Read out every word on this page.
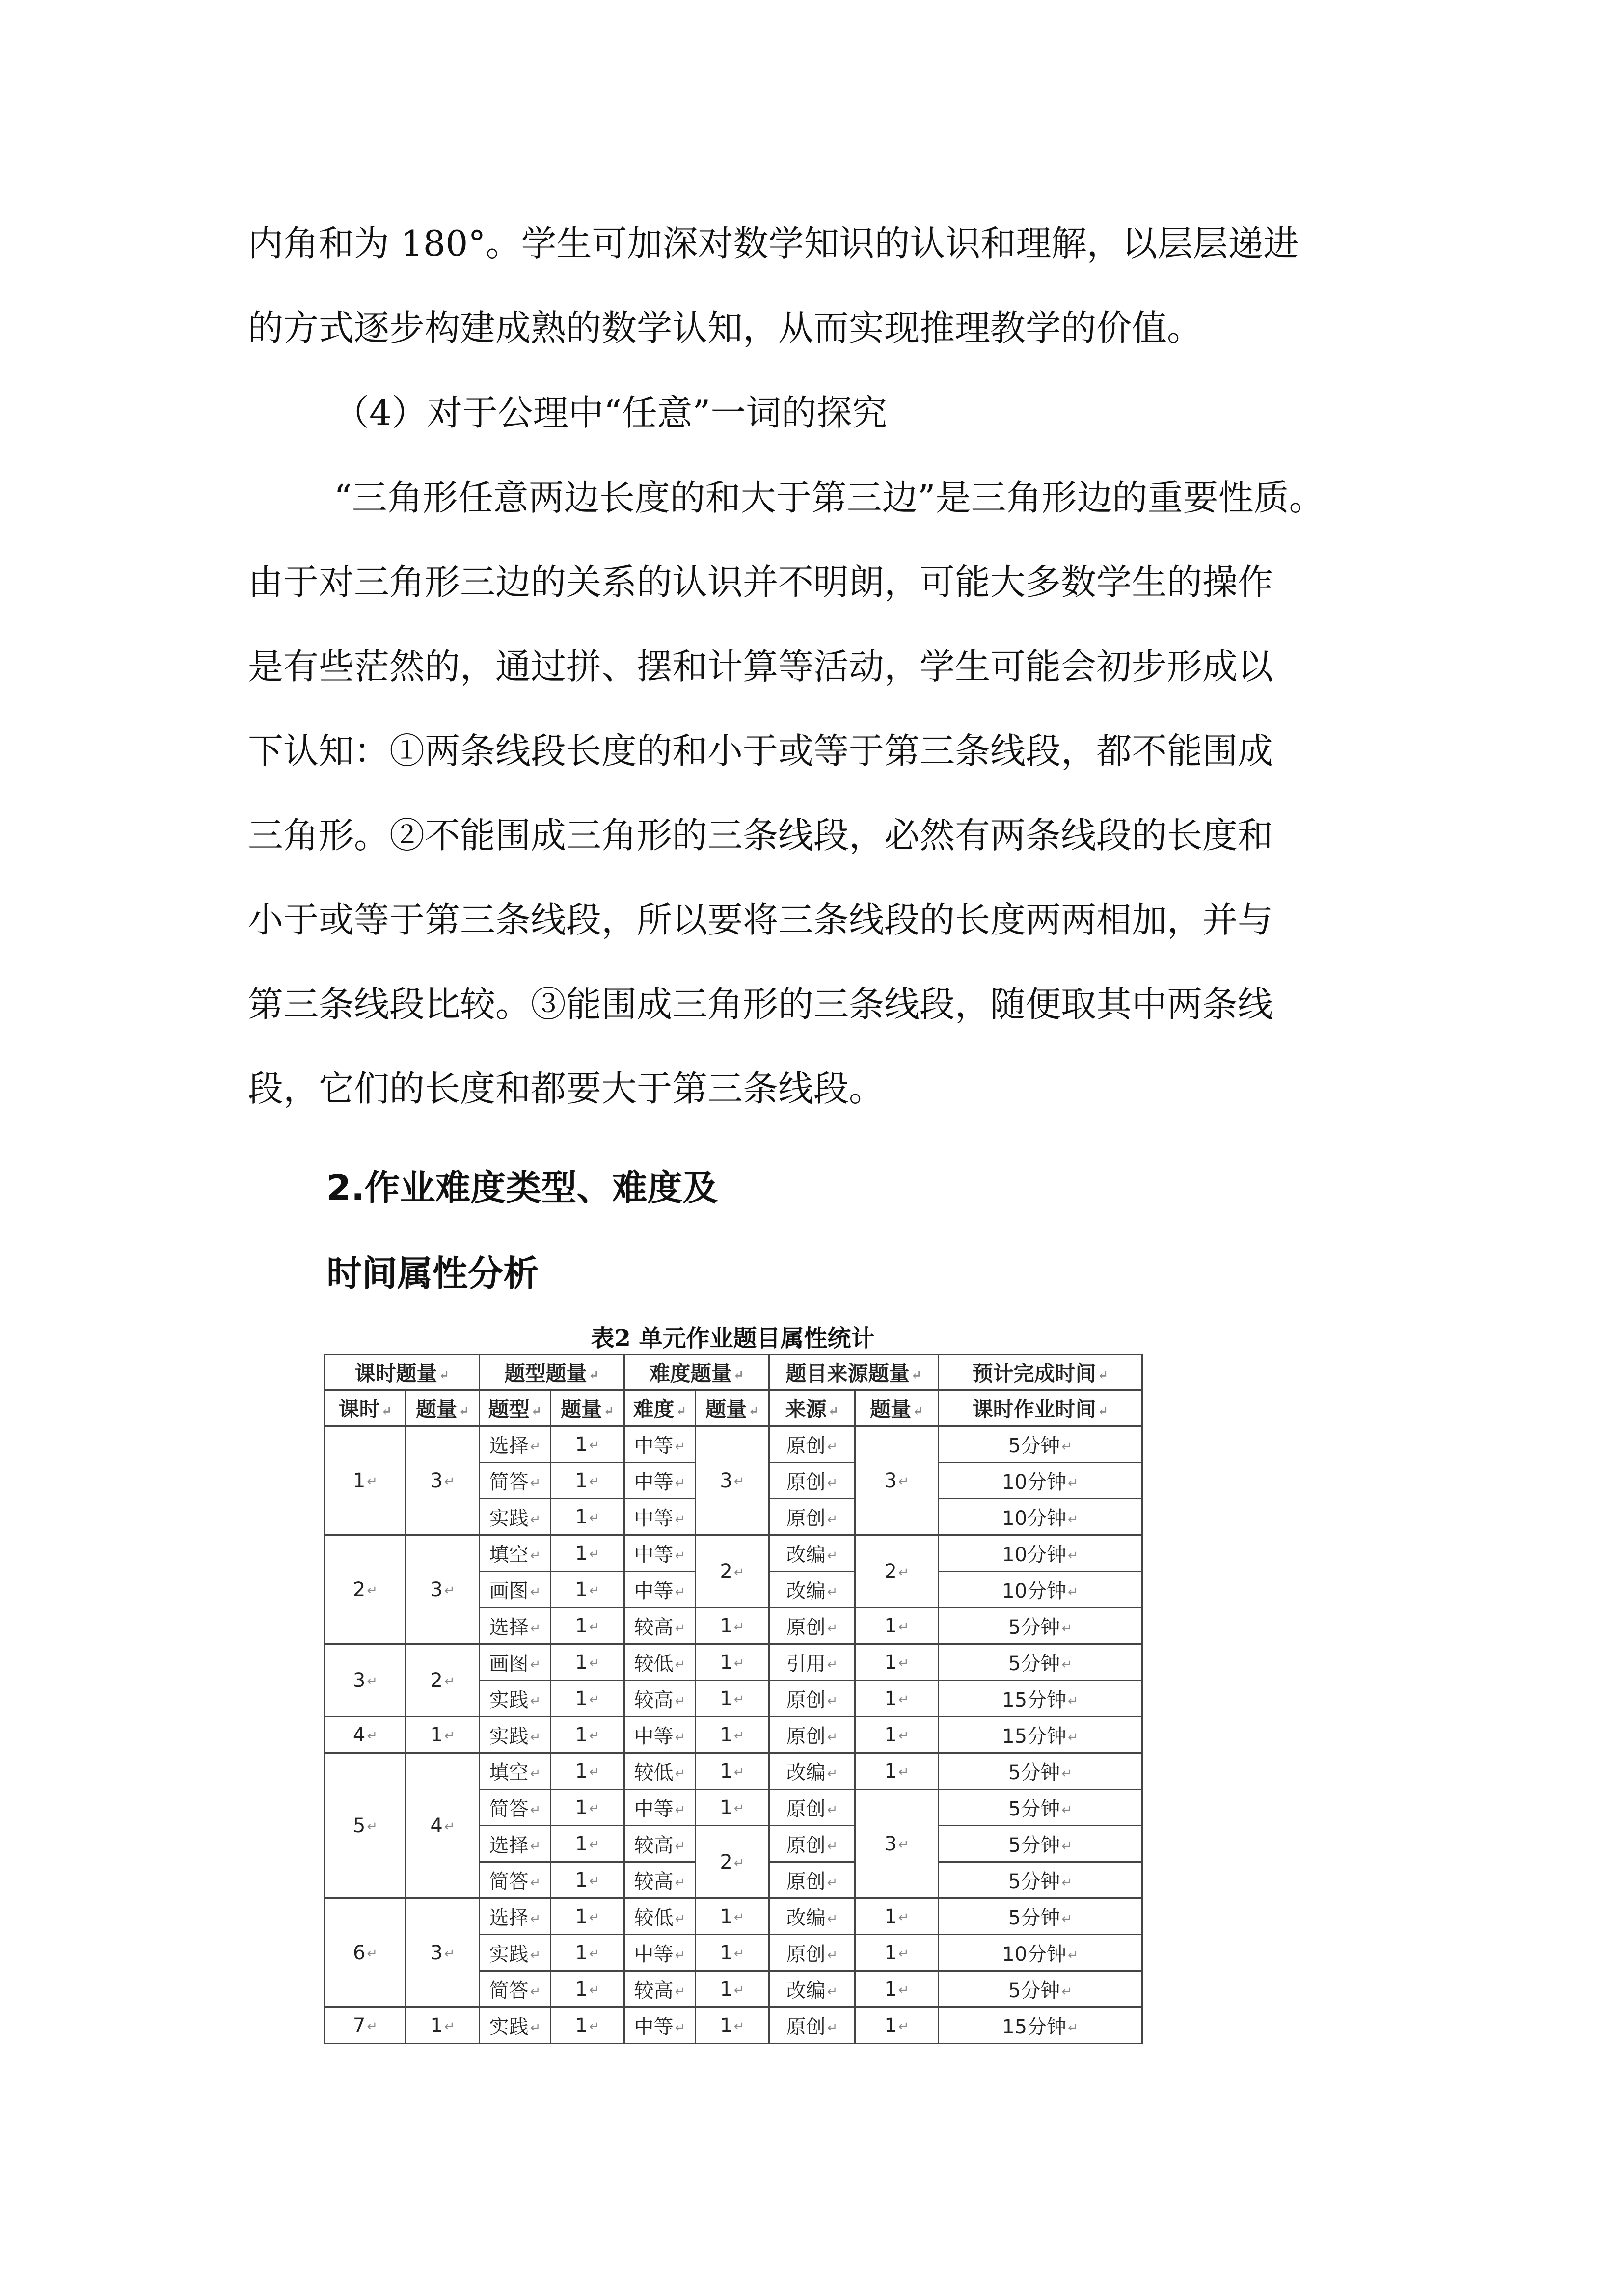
内角和为 180°。学生可加深对数学知识的认识和理解，以层层递进
的方式逐步构建成熟的数学认知，从而实现推理教学的价值。

（4）对于公理中“任意”一词的探究

“三角形任意两边长度的和大于第三边”是三角形边的重要性质。
由于对三角形三边的关系的认识并不明朗，可能大多数学生的操作
是有些茫然的，通过拼、摆和计算等活动，学生可能会初步形成以
下认知：①两条线段长度的和小于或等于第三条线段，都不能围成
三角形。②不能围成三角形的三条线段，必然有两条线段的长度和
小于或等于第三条线段，所以要将三条线段的长度两两相加，并与
第三条线段比较。③能围成三角形的三条线段，随便取其中两条线
段，它们的长度和都要大于第三条线段。

2.作业难度类型、难度及
时间属性分析
表2 单元作业题目属性统计
课时题量 ↵		题型题量 ↵		难度题量 ↵		题目来源题量 ↵		预计完成时间 ↵
课时 ↵	题量 ↵	题型 ↵	题量 ↵	难度 ↵	题量 ↵	来源 ↵	题量 ↵	课时作业时间 ↵
1 ↵	3 ↵	选择 ↵	1 ↵	中等 ↵	3 ↵	原创 ↵	3 ↵	5分钟 ↵
		简答 ↵	1 ↵	中等 ↵		原创 ↵		10分钟 ↵
		实践 ↵	1 ↵	中等 ↵		原创 ↵		10分钟 ↵
2 ↵	3 ↵	填空 ↵	1 ↵	中等 ↵	2 ↵	改编 ↵	2 ↵	10分钟 ↵
		画图 ↵	1 ↵	中等 ↵		改编 ↵		10分钟 ↵
		选择 ↵	1 ↵	较高 ↵	1 ↵	原创 ↵	1 ↵	5分钟 ↵
3 ↵	2 ↵	画图 ↵	1 ↵	较低 ↵	1 ↵	引用 ↵	1 ↵	5分钟 ↵
		实践 ↵	1 ↵	较高 ↵	1 ↵	原创 ↵	1 ↵	15分钟 ↵
4 ↵	1 ↵	实践 ↵	1 ↵	中等 ↵	1 ↵	原创 ↵	1 ↵	15分钟 ↵
5 ↵	4 ↵	填空 ↵	1 ↵	较低 ↵	1 ↵	改编 ↵	1 ↵	5分钟 ↵
		简答 ↵	1 ↵	中等 ↵	1 ↵	原创 ↵	3 ↵	5分钟 ↵
		选择 ↵	1 ↵	较高 ↵	2 ↵	原创 ↵		5分钟 ↵
		简答 ↵	1 ↵	较高 ↵		原创 ↵		5分钟 ↵
6 ↵	3 ↵	选择 ↵	1 ↵	较低 ↵	1 ↵	改编 ↵	1 ↵	5分钟 ↵
		实践 ↵	1 ↵	中等 ↵	1 ↵	原创 ↵	1 ↵	10分钟 ↵
		简答 ↵	1 ↵	较高 ↵	1 ↵	改编 ↵	1 ↵	5分钟 ↵
7 ↵	1 ↵	实践 ↵	1 ↵	中等 ↵	1 ↵	原创 ↵	1 ↵	15分钟 ↵
